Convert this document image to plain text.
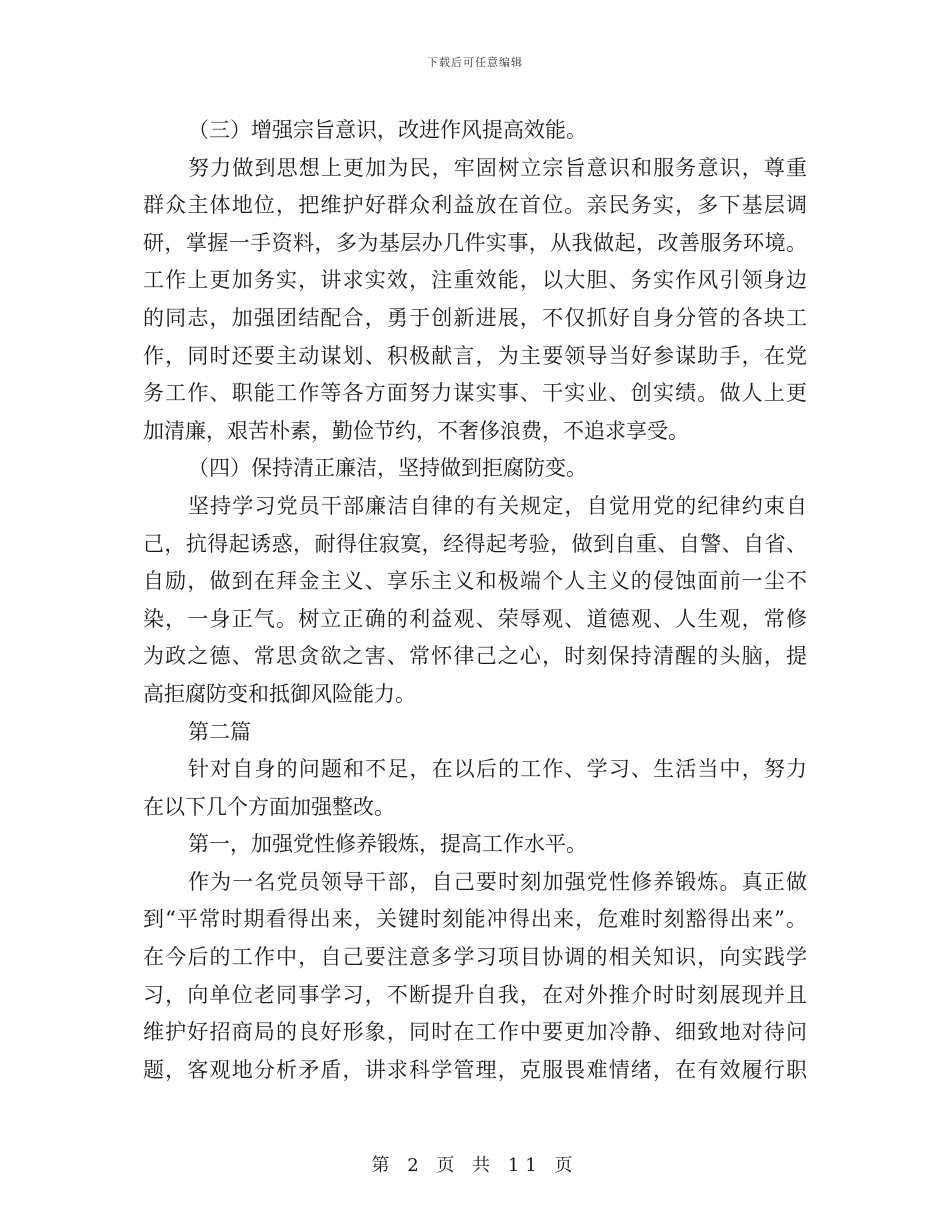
下载后可任意编辑
（三）增强宗旨意识，改进作风提高效能。
努力做到思想上更加为民，牢固树立宗旨意识和服务意识，尊重
群众主体地位，把维护好群众利益放在首位。亲民务实，多下基层调
研，掌握一手资料，多为基层办几件实事，从我做起，改善服务环境。
工作上更加务实，讲求实效，注重效能，以大胆、务实作风引领身边
的同志，加强团结配合，勇于创新进展，不仅抓好自身分管的各块工
作，同时还要主动谋划、积极献言，为主要领导当好参谋助手，在党
务工作、职能工作等各方面努力谋实事、干实业、创实绩。做人上更
加清廉，艰苦朴素，勤俭节约，不奢侈浪费，不追求享受。
（四）保持清正廉洁，坚持做到拒腐防变。
坚持学习党员干部廉洁自律的有关规定，自觉用党的纪律约束自
己，抗得起诱惑，耐得住寂寞，经得起考验，做到自重、自警、自省、
自励，做到在拜金主义、享乐主义和极端个人主义的侵蚀面前一尘不
染，一身正气。树立正确的利益观、荣辱观、道德观、人生观，常修
为政之德、常思贪欲之害、常怀律己之心，时刻保持清醒的头脑，提
高拒腐防变和抵御风险能力。
第二篇
针对自身的问题和不足，在以后的工作、学习、生活当中，努力
在以下几个方面加强整改。
第一，加强党性修养锻炼，提高工作水平。
作为一名党员领导干部，自己要时刻加强党性修养锻炼。真正做
到“平常时期看得出来，关键时刻能冲得出来，危难时刻豁得出来”。
在今后的工作中，自己要注意多学习项目协调的相关知识，向实践学
习，向单位老同事学习，不断提升自我，在对外推介时时刻展现并且
维护好招商局的良好形象，同时在工作中要更加冷静、细致地对待问
题，客观地分析矛盾，讲求科学管理，克服畏难情绪，在有效履行职
第 2 页 共 11 页
